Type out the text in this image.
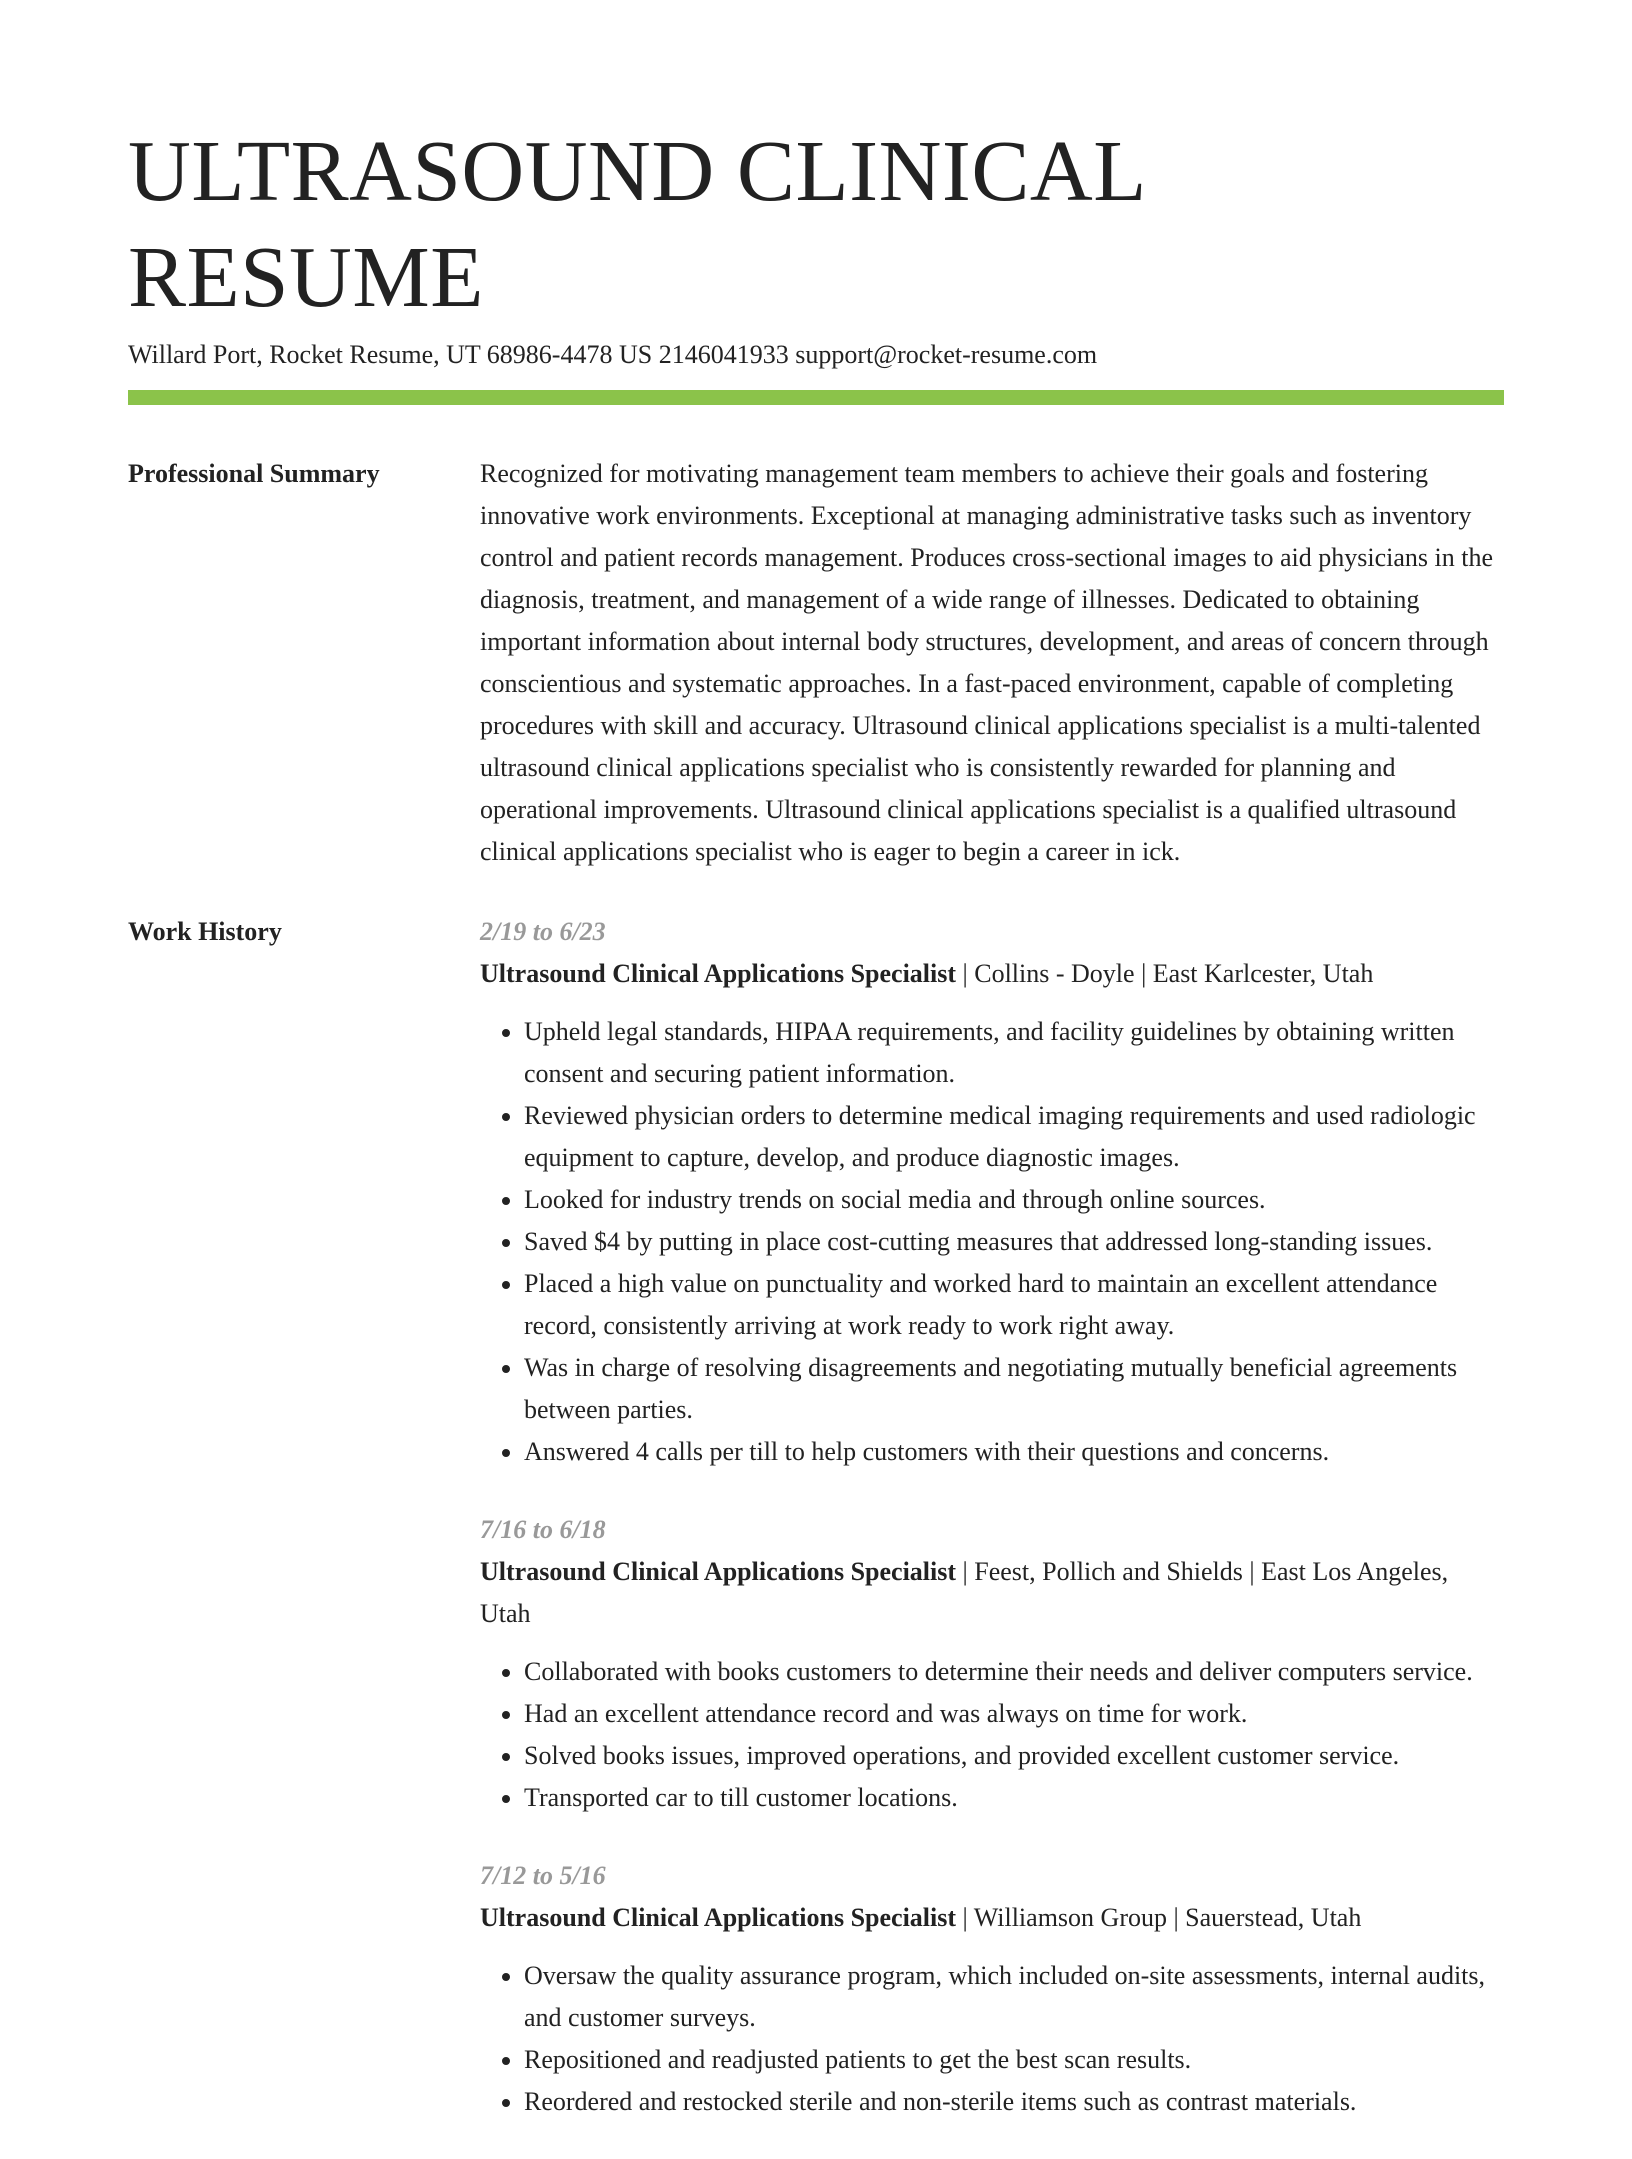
ULTRASOUND CLINICAL RESUME
Willard Port, Rocket Resume, UT 68986-4478 US 2146041933 support@rocket-resume.com
Professional Summary	Recognized for motivating management team members to achieve their goals and fostering innovative work environments. Exceptional at managing administrative tasks such as inventory control and patient records management. Produces cross-sectional images to aid physicians in the diagnosis, treatment, and management of a wide range of illnesses. Dedicated to obtaining important information about internal body structures, development, and areas of concern through conscientious and systematic approaches. In a fast-paced environment, capable of completing procedures with skill and accuracy. Ultrasound clinical applications specialist is a multi-talented ultrasound clinical applications specialist who is consistently rewarded for planning and operational improvements. Ultrasound clinical applications specialist is a qualified ultrasound clinical applications specialist who is eager to begin a career in ick.

Work History	2/19 to 6/23
Ultrasound Clinical Applications Specialist | Collins - Doyle | East Karlcester, Utah
• Upheld legal standards, HIPAA requirements, and facility guidelines by obtaining written consent and securing patient information.
• Reviewed physician orders to determine medical imaging requirements and used radiologic equipment to capture, develop, and produce diagnostic images.
• Looked for industry trends on social media and through online sources.
• Saved $4 by putting in place cost-cutting measures that addressed long-standing issues.
• Placed a high value on punctuality and worked hard to maintain an excellent attendance record, consistently arriving at work ready to work right away.
• Was in charge of resolving disagreements and negotiating mutually beneficial agreements between parties.
• Answered 4 calls per till to help customers with their questions and concerns.
7/16 to 6/18
Ultrasound Clinical Applications Specialist | Feest, Pollich and Shields | East Los Angeles, Utah
• Collaborated with books customers to determine their needs and deliver computers service.
• Had an excellent attendance record and was always on time for work.
• Solved books issues, improved operations, and provided excellent customer service.
• Transported car to till customer locations.
7/12 to 5/16
Ultrasound Clinical Applications Specialist | Williamson Group | Sauerstead, Utah
• Oversaw the quality assurance program, which included on-site assessments, internal audits, and customer surveys.
• Repositioned and readjusted patients to get the best scan results.
• Reordered and restocked sterile and non-sterile items such as contrast materials.
